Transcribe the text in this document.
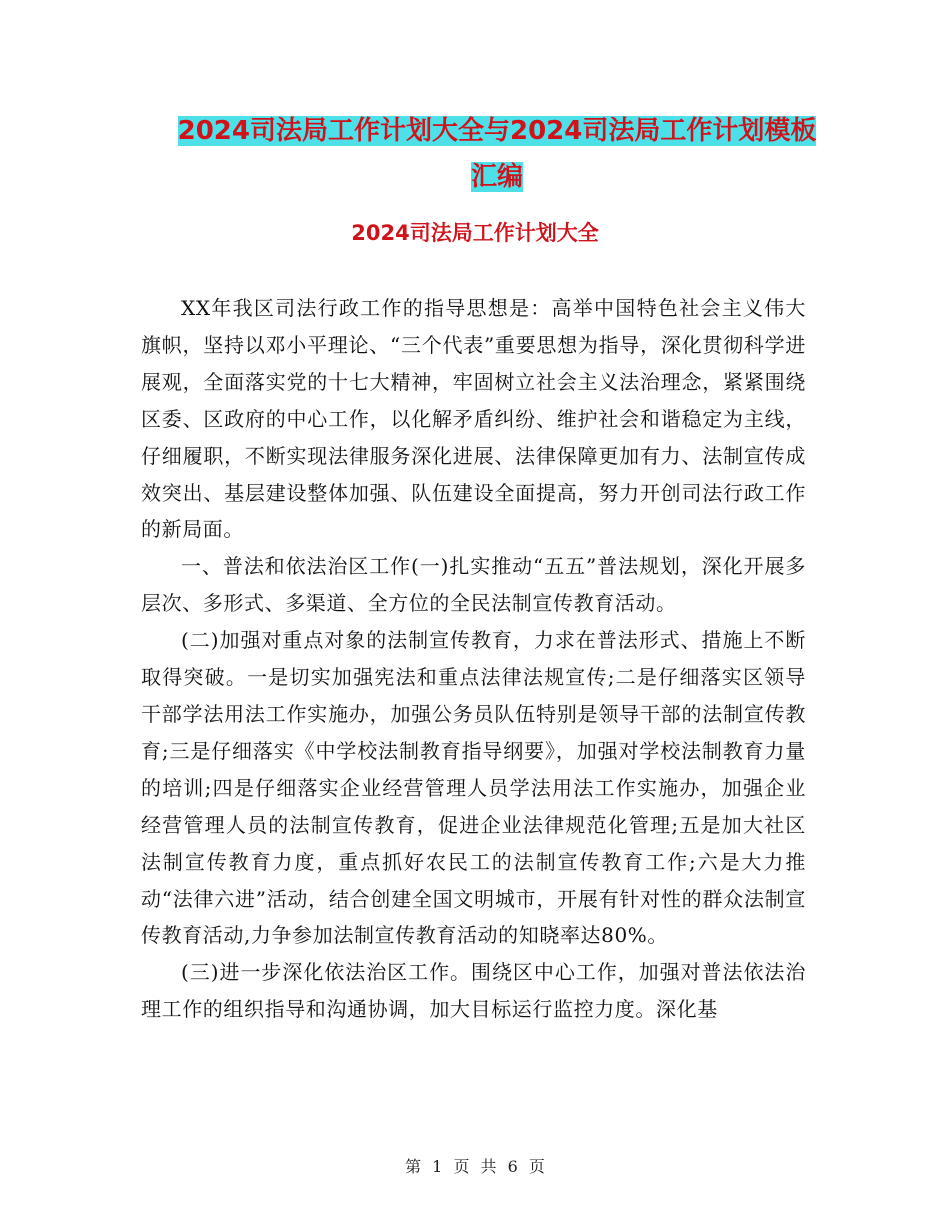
2024司法局工作计划大全与2024司法局工作计划模板
汇编
2024司法局工作计划大全

XX年我区司法行政工作的指导思想是：高举中国特色社会主义伟大旗帜，坚持以邓小平理论、“三个代表”重要思想为指导，深化贯彻科学进展观，全面落实党的十七大精神，牢固树立社会主义法治理念，紧紧围绕区委、区政府的中心工作，以化解矛盾纠纷、维护社会和谐稳定为主线，仔细履职，不断实现法律服务深化进展、法律保障更加有力、法制宣传成效突出、基层建设整体加强、队伍建设全面提高，努力开创司法行政工作的新局面。

一、普法和依法治区工作(一)扎实推动“五五”普法规划，深化开展多层次、多形式、多渠道、全方位的全民法制宣传教育活动。

(二)加强对重点对象的法制宣传教育，力求在普法形式、措施上不断取得突破。一是切实加强宪法和重点法律法规宣传;二是仔细落实区领导干部学法用法工作实施办，加强公务员队伍特别是领导干部的法制宣传教育;三是仔细落实《中学校法制教育指导纲要》，加强对学校法制教育力量的培训;四是仔细落实企业经营管理人员学法用法工作实施办，加强企业经营管理人员的法制宣传教育，促进企业法律规范化管理;五是加大社区法制宣传教育力度，重点抓好农民工的法制宣传教育工作;六是大力推动“法律六进”活动，结合创建全国文明城市，开展有针对性的群众法制宣传教育活动,力争参加法制宣传教育活动的知晓率达80%。

(三)进一步深化依法治区工作。围绕区中心工作，加强对普法依法治理工作的组织指导和沟通协调，加大目标运行监控力度。深化基

第 1 页 共 6 页
